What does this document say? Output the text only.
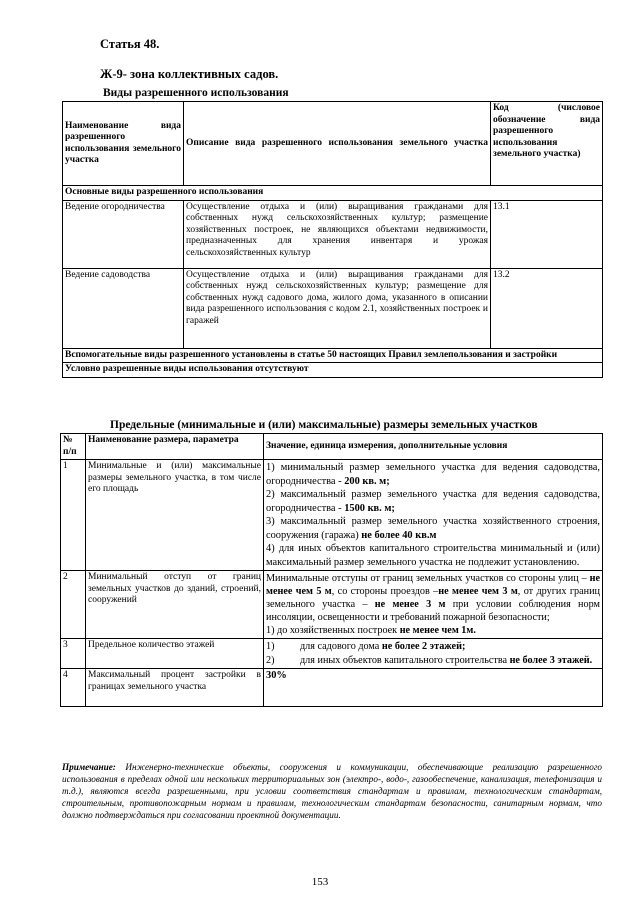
Статья 48.
Ж-9- зона коллективных садов.
Виды разрешенного использования
Наименование вида разрешенного использования земельного участка	Описание вида разрешенного использования земельного участка	Код (числовое обозначение вида разрешенного использования земельного участка)

Основные виды разрешенного использования		
Ведение огородничества	Осуществление отдыха и (или) выращивания гражданами для собственных нужд сельскохозяйственных культур; размещение хозяйственных построек, не являющихся объектами недвижимости, предназначенных для хранения инвентаря и урожая сельскохозяйственных культур	13.1
Ведение садоводства	Осуществление отдыха и (или) выращивания гражданами для собственных нужд сельскохозяйственных культур; размещение для собственных нужд садового дома, жилого дома, указанного в описании вида разрешенного использования с кодом 2.1, хозяйственных построек и гаражей	13.2

Вспомогательные виды разрешенного установлены в статье 50 настоящих Правил землепользования и застройки		

Условно разрешенные виды использования отсутствуют		
Предельные (минимальные и (или) максимальные) размеры земельных участков
№ п/п	Наименование размера, параметра	Значение, единица измерения, дополнительные условия
1	Минимальные и (или) максимальные размеры земельного участка, в том числе его площадь	1) минимальный размер земельного участка для ведения садоводства, огородничества - 200 кв. м;
2) максимальный размер земельного участка для ведения садоводства, огородничества - 1500 кв. м;
3) максимальный размер земельного участка хозяйственного строения, сооружения (гаража) не более 40 кв.м
4) для иных объектов капитального строительства минимальный и (или) максимальный размер земельного участка не подлежит установлению.

2	Минимальный отступ от границ земельных участков до зданий, строений, сооружений	Минимальные отступы от границ земельных участков со стороны улиц – не менее чем 5 м, со стороны проездов –не менее чем 3 м, от других границ земельного участка – не менее 3 м при условии соблюдения норм инсоляции, освещенности и требований пожарной безопасности;
1) до хозяйственных построек не менее чем 1м.

3	Предельное количество этажей	1) для садового дома не более 2 этажей;
2) для иных объектов капитального строительства не более 3 этажей.

4	Максимальный процент застройки в границах земельного участка	30%
Примечание: Инженерно-технические объекты, сооружения и коммуникации, обеспечивающие реализацию разрешенного использования в пределах одной или нескольких территориальных зон (электро-, водо-, газообеспечение, канализация, телефонизация и т.д.), являются всегда разрешенными, при условии соответствия стандартам и правилам, технологическим стандартам, строительным, противопожарным нормам и правилам, технологическим стандартам безопасности, санитарным нормам, что должно подтверждаться при согласовании проектной документации.
153
